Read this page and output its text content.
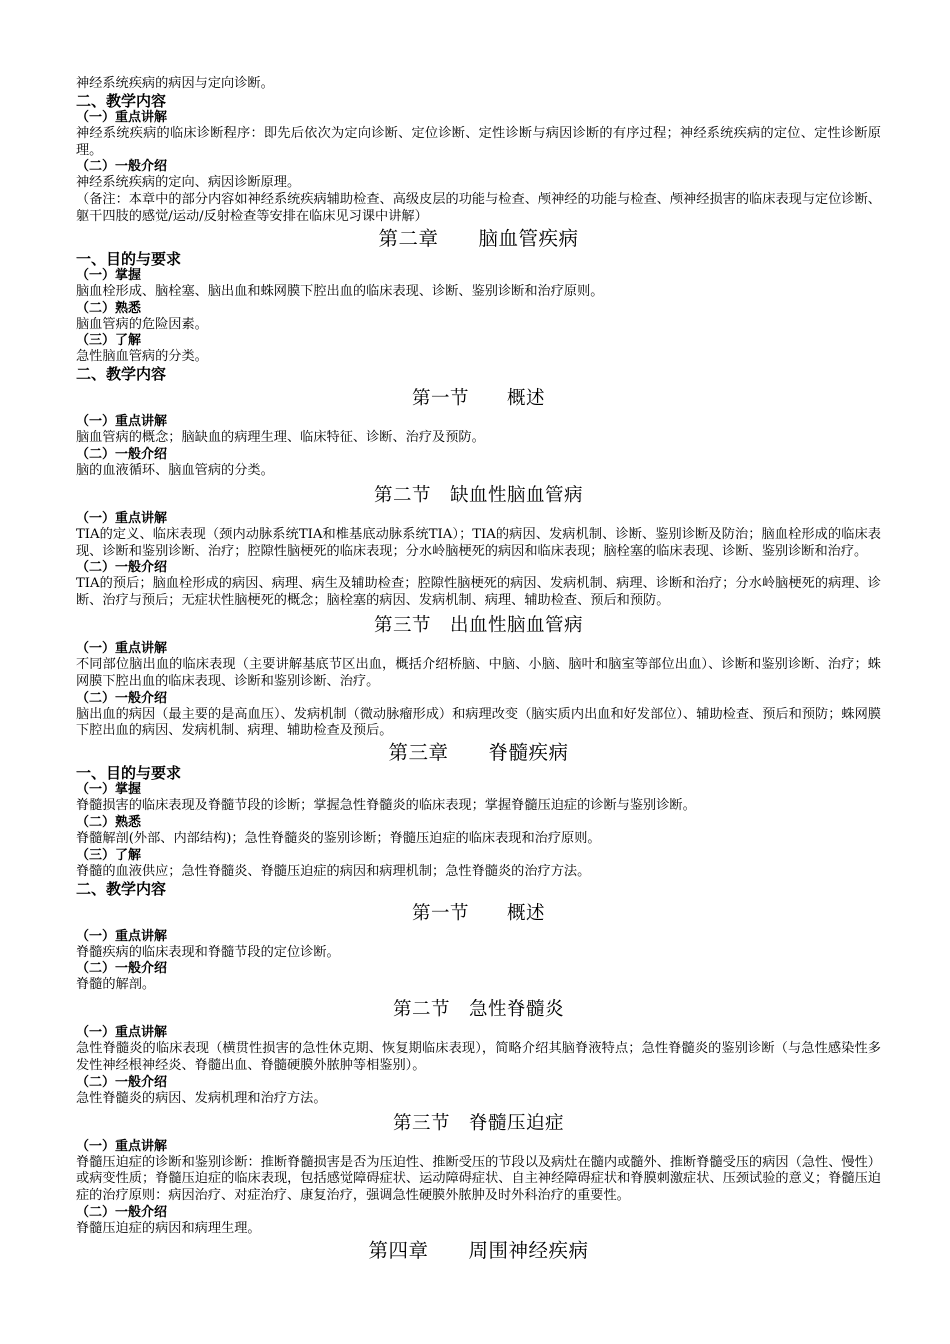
神经系统疾病的病因与定向诊断。

二、教学内容

（一）重点讲解

神经系统疾病的临床诊断程序：即先后依次为定向诊断、定位诊断、定性诊断与病因诊断的有序过程；神经系统疾病的定位、定性诊断原理。

（二）一般介绍

神经系统疾病的定向、病因诊断原理。

（备注：本章中的部分内容如神经系统疾病辅助检查、高级皮层的功能与检查、颅神经的功能与检查、颅神经损害的临床表现与定位诊断、躯干四肢的感觉/运动/反射检查等安排在临床见习课中讲解）

第二章　　脑血管疾病

一、目的与要求

（一）掌握

脑血栓形成、脑栓塞、脑出血和蛛网膜下腔出血的临床表现、诊断、鉴别诊断和治疗原则。

（二）熟悉

脑血管病的危险因素。

（三）了解

急性脑血管病的分类。

二、教学内容

第一节　　概述

（一）重点讲解

脑血管病的概念；脑缺血的病理生理、临床特征、诊断、治疗及预防。

（二）一般介绍

脑的血液循环、脑血管病的分类。

第二节　缺血性脑血管病

（一）重点讲解

TIA的定义、临床表现（颈内动脉系统TIA和椎基底动脉系统TIA）；TIA的病因、发病机制、诊断、鉴别诊断及防治；脑血栓形成的临床表现、诊断和鉴别诊断、治疗；腔隙性脑梗死的临床表现；分水岭脑梗死的病因和临床表现；脑栓塞的临床表现、诊断、鉴别诊断和治疗。

（二）一般介绍

TIA的预后；脑血栓形成的病因、病理、病生及辅助检查；腔隙性脑梗死的病因、发病机制、病理、诊断和治疗；分水岭脑梗死的病理、诊断、治疗与预后；无症状性脑梗死的概念；脑栓塞的病因、发病机制、病理、辅助检查、预后和预防。

第三节　出血性脑血管病

（一）重点讲解

不同部位脑出血的临床表现（主要讲解基底节区出血，概括介绍桥脑、中脑、小脑、脑叶和脑室等部位出血）、诊断和鉴别诊断、治疗；蛛网膜下腔出血的临床表现、诊断和鉴别诊断、治疗。

（二）一般介绍

脑出血的病因（最主要的是高血压）、发病机制（微动脉瘤形成）和病理改变（脑实质内出血和好发部位）、辅助检查、预后和预防；蛛网膜下腔出血的病因、发病机制、病理、辅助检查及预后。

第三章　　脊髓疾病

一、目的与要求

（一）掌握

脊髓损害的临床表现及脊髓节段的诊断；掌握急性脊髓炎的临床表现；掌握脊髓压迫症的诊断与鉴别诊断。

（二）熟悉

脊髓解剖(外部、内部结构)；急性脊髓炎的鉴别诊断；脊髓压迫症的临床表现和治疗原则。

（三）了解

脊髓的血液供应；急性脊髓炎、脊髓压迫症的病因和病理机制；急性脊髓炎的治疗方法。

二、教学内容

第一节　　概述

（一）重点讲解

脊髓疾病的临床表现和脊髓节段的定位诊断。

（二）一般介绍

脊髓的解剖。

第二节　急性脊髓炎

（一）重点讲解

急性脊髓炎的临床表现（横贯性损害的急性休克期、恢复期临床表现），简略介绍其脑脊液特点；急性脊髓炎的鉴别诊断（与急性感染性多发性神经根神经炎、脊髓出血、脊髓硬膜外脓肿等相鉴别）。

（二）一般介绍

急性脊髓炎的病因、发病机理和治疗方法。

第三节　脊髓压迫症

（一）重点讲解

脊髓压迫症的诊断和鉴别诊断：推断脊髓损害是否为压迫性、推断受压的节段以及病灶在髓内或髓外、推断脊髓受压的病因（急性、慢性）或病变性质；脊髓压迫症的临床表现，包括感觉障碍症状、运动障碍症状、自主神经障碍症状和脊膜刺激症状、压颈试验的意义；脊髓压迫症的治疗原则：病因治疗、对症治疗、康复治疗，强调急性硬膜外脓肿及时外科治疗的重要性。

（二）一般介绍

脊髓压迫症的病因和病理生理。

第四章　　周围神经疾病
